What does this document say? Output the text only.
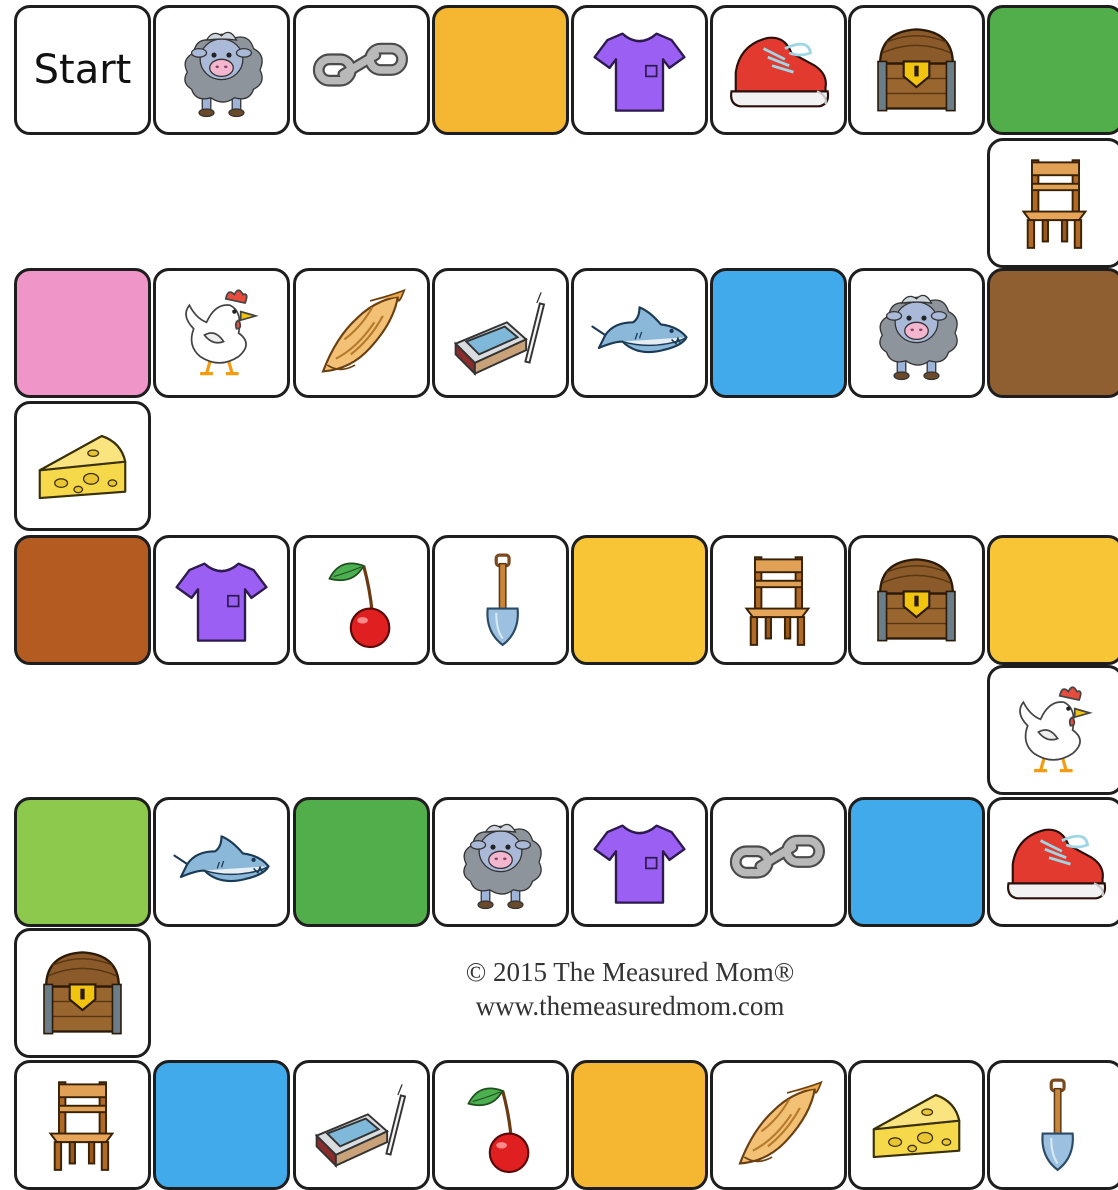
Start
© 2015 The Measured Mom®
www.themeasuredmom.com
